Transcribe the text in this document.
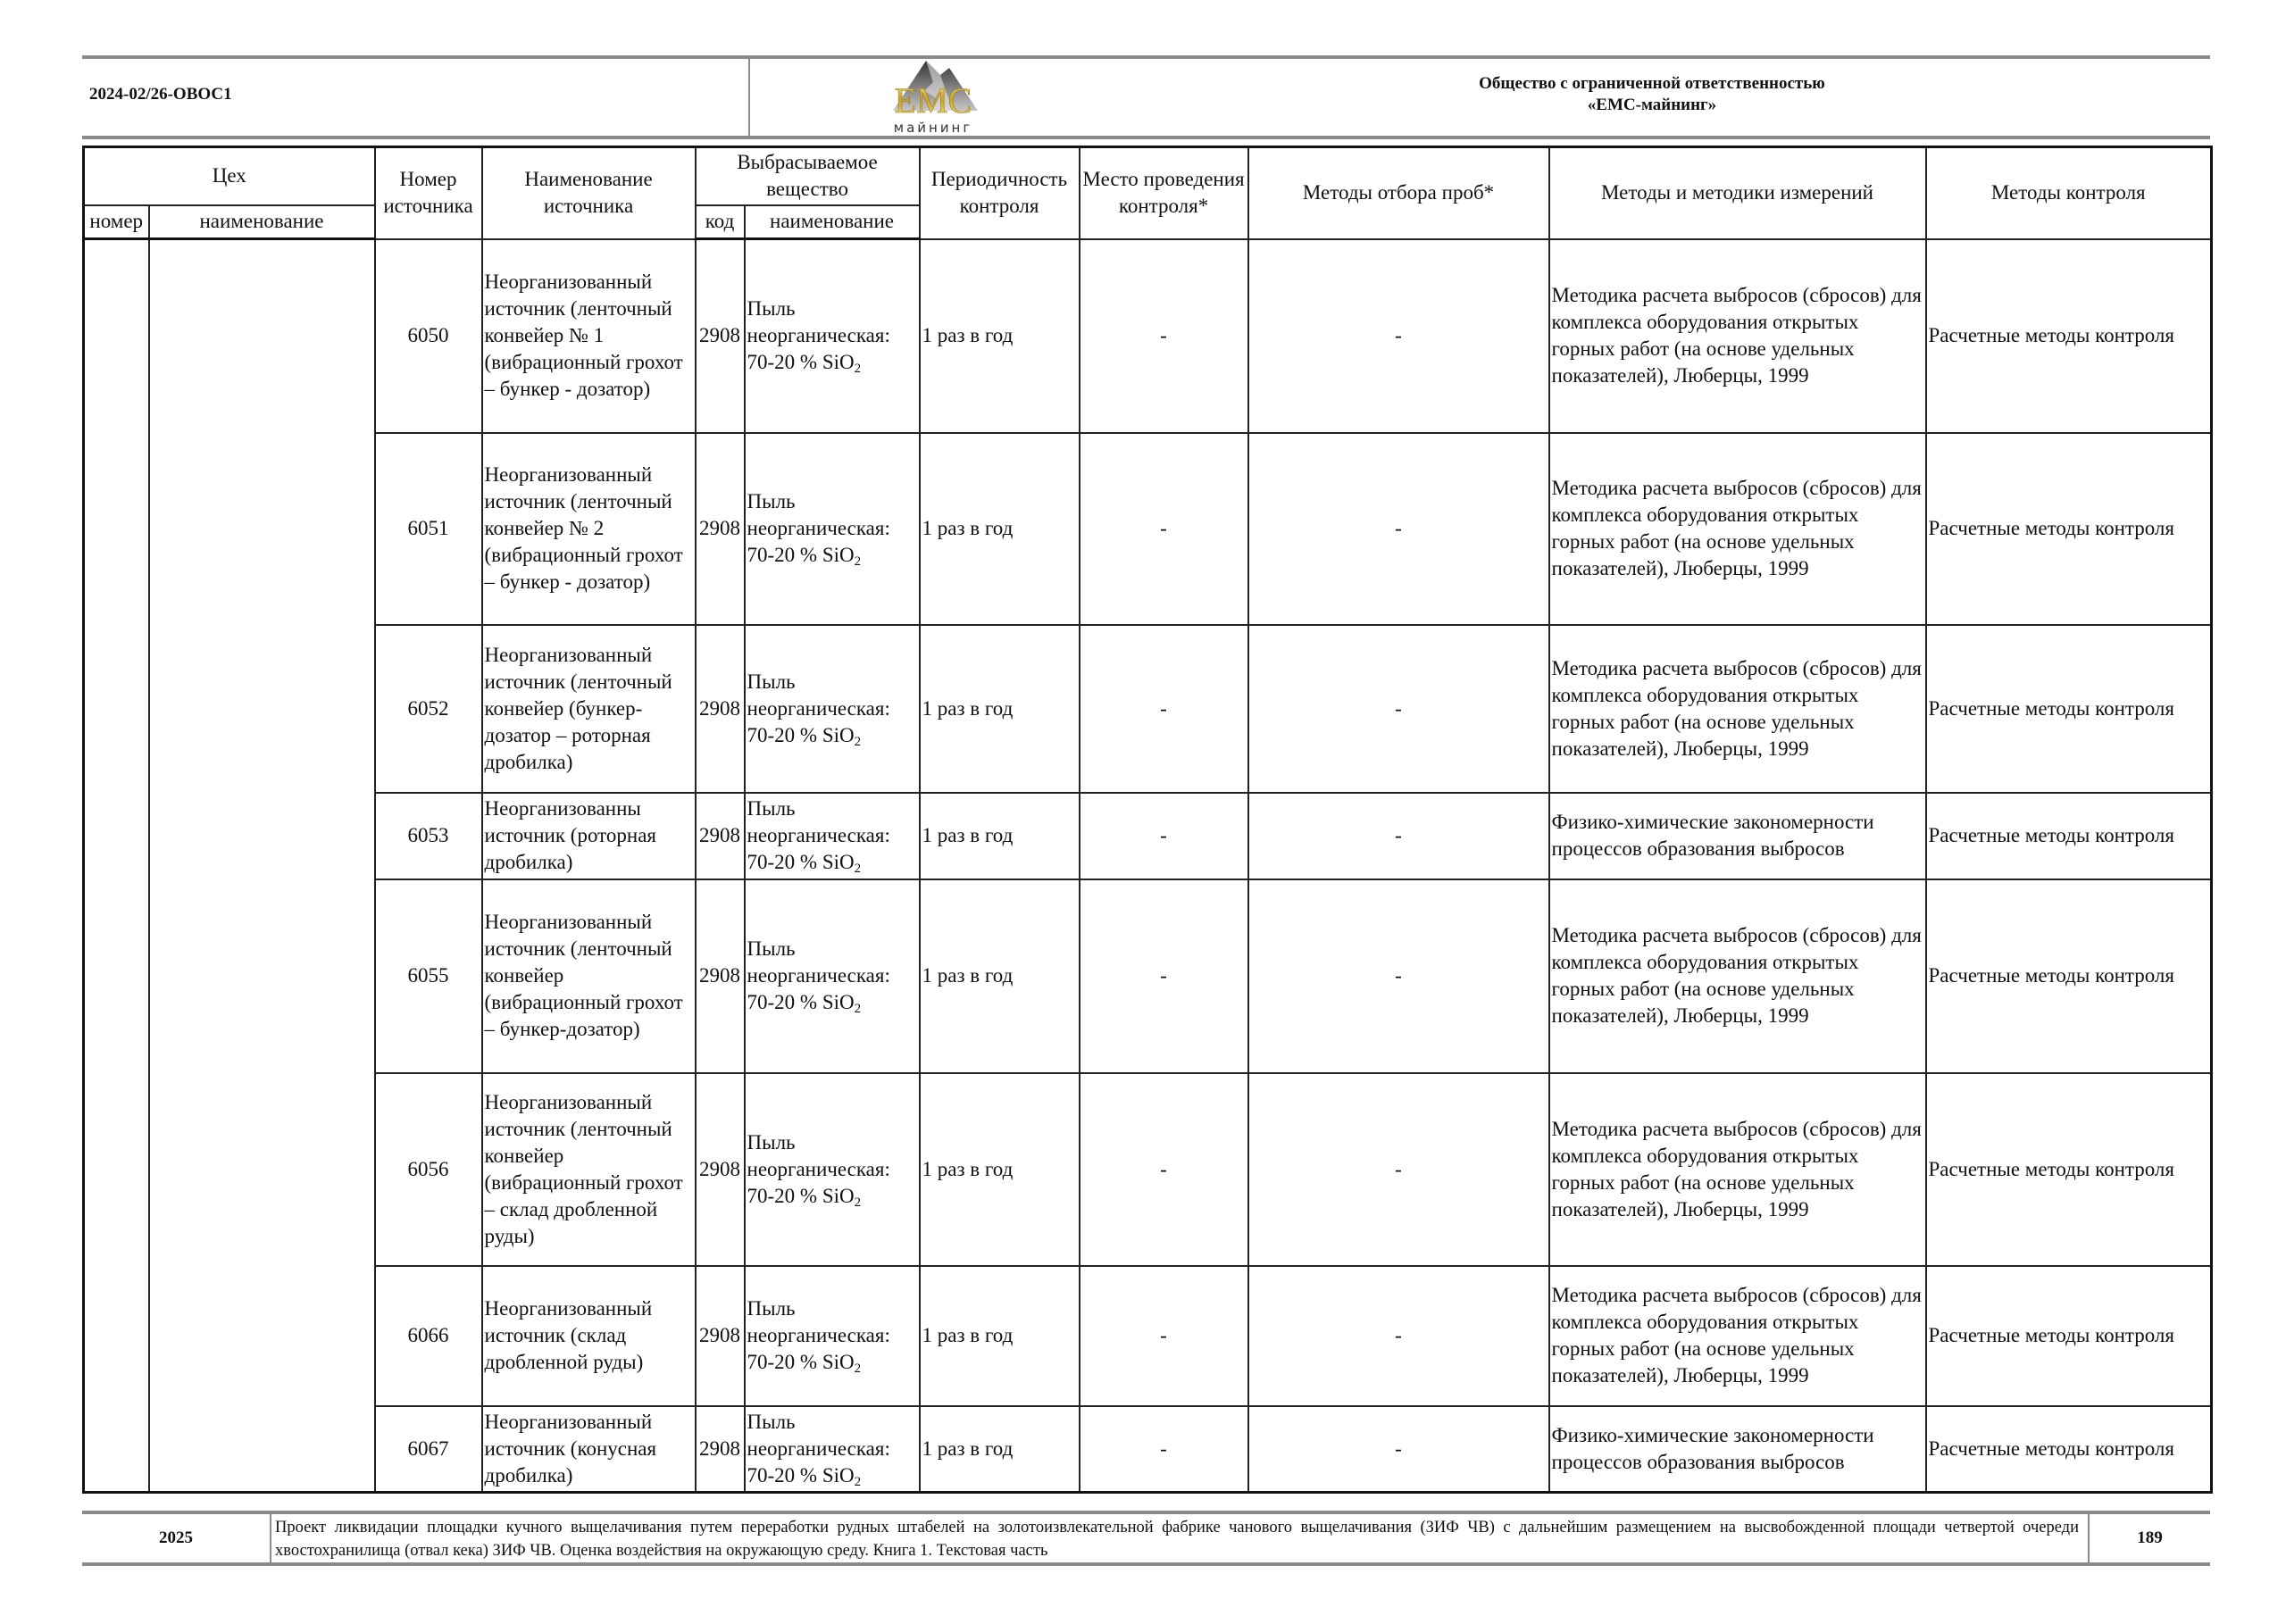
2024-02/26-ОВОС1	EMC
майнинг
Общество с ограниченной ответственностью
«ЕМС-майнинг»
Цех		Номер источника	Наименование источника	Выбрасываемое вещество		Периодичность контроля	Место проведения контроля*	Методы отбора проб*	Методы и методики измерений	Методы контроля
номер	наименование			код	наименование					
		6050	Неорганизованный источник (ленточный конвейер № 1 (вибрационный грохот – бункер - дозатор)	2908	Пыль неорганическая: 70-20 % SiO$_2$	1 раз в год	-	-	Методика расчета выбросов (сбросов) для комплекса оборудования открытых горных работ (на основе удельных показателей), Люберцы, 1999	Расчетные методы контроля
		6051	Неорганизованный источник (ленточный конвейер № 2 (вибрационный грохот – бункер - дозатор)	2908	Пыль неорганическая: 70-20 % SiO$_2$	1 раз в год	-	-	Методика расчета выбросов (сбросов) для комплекса оборудования открытых горных работ (на основе удельных показателей), Люберцы, 1999	Расчетные методы контроля
		6052	Неорганизованный источник (ленточный конвейер (бункер-дозатор – роторная дробилка)	2908	Пыль неорганическая: 70-20 % SiO$_2$	1 раз в год	-	-	Методика расчета выбросов (сбросов) для комплекса оборудования открытых горных работ (на основе удельных показателей), Люберцы, 1999	Расчетные методы контроля
		6053	Неорганизованны источник (роторная дробилка)	2908	Пыль неорганическая: 70-20 % SiO$_2$	1 раз в год	-	-	Физико-химические закономерности процессов образования выбросов	Расчетные методы контроля
		6055	Неорганизованный источник (ленточный конвейер (вибрационный грохот – бункер-дозатор)	2908	Пыль неорганическая: 70-20 % SiO$_2$	1 раз в год	-	-	Методика расчета выбросов (сбросов) для комплекса оборудования открытых горных работ (на основе удельных показателей), Люберцы, 1999	Расчетные методы контроля
		6056	Неорганизованный источник (ленточный конвейер (вибрационный грохот – склад дробленной руды)	2908	Пыль неорганическая: 70-20 % SiO$_2$	1 раз в год	-	-	Методика расчета выбросов (сбросов) для комплекса оборудования открытых горных работ (на основе удельных показателей), Люберцы, 1999	Расчетные методы контроля
		6066	Неорганизованный источник (склад дробленной руды)	2908	Пыль неорганическая: 70-20 % SiO$_2$	1 раз в год	-	-	Методика расчета выбросов (сбросов) для комплекса оборудования открытых горных работ (на основе удельных показателей), Люберцы, 1999	Расчетные методы контроля
		6067	Неорганизованный источник (конусная дробилка)	2908	Пыль неорганическая: 70-20 % SiO$_2$	1 раз в год	-	-	Физико-химические закономерности процессов образования выбросов	Расчетные методы контроля
2025
Проект ликвидации площадки кучного выщелачивания путем переработки рудных штабелей на золотоизвлекательной фабрике чанового выщелачивания (ЗИФ ЧВ) с дальнейшим размещением на высвобожденной площади четвертой очереди хвостохранилища (отвал кека) ЗИФ ЧВ. Оценка воздействия на окружающую среду. Книга 1. Текстовая часть
189
